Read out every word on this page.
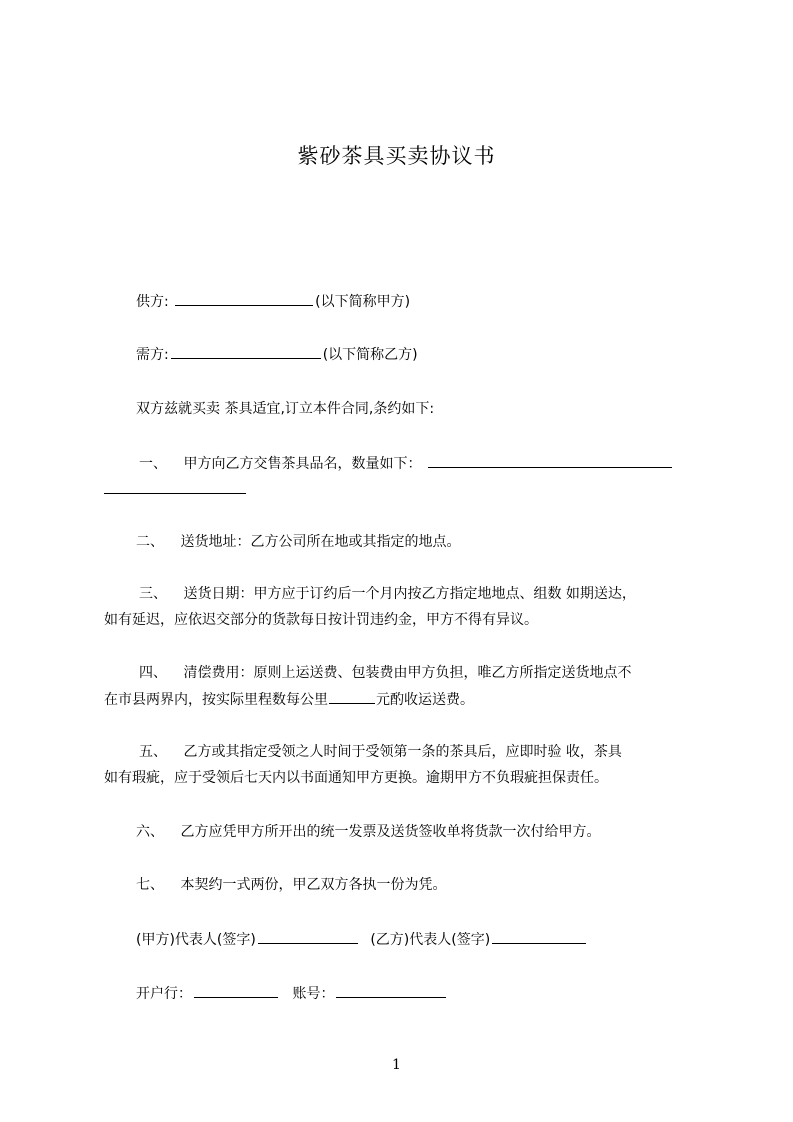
紫砂茶具买卖协议书
供方:	(以下简称甲方)
需方:	(以下简称乙方)
双方兹就买卖 茶具适宜,订立本件合同,条约如下:
一、 甲方向乙方交售茶具品名，数量如下：
二、 送货地址：乙方公司所在地或其指定的地点。
三、 送货日期：甲方应于订约后一个月内按乙方指定地地点、组数 如期送达，
如有延迟，应依迟交部分的货款每日按计罚违约金，甲方不得有异议。
四、 清偿费用：原则上运送费、包装费由甲方负担，唯乙方所指定送货地点不
在市县两界内，按实际里程数每公里	元酌收运送费。
五、 乙方或其指定受领之人时间于受领第一条的茶具后，应即时验 收，茶具
如有瑕疵，应于受领后七天内以书面通知甲方更换。逾期甲方不负瑕疵担保责任。
六、 乙方应凭甲方所开出的统一发票及送货签收单将货款一次付给甲方。
七、 本契约一式两份，甲乙双方各执一份为凭。
(甲方)代表人(签字)	(乙方)代表人(签字)
开户行：	账号：
1
